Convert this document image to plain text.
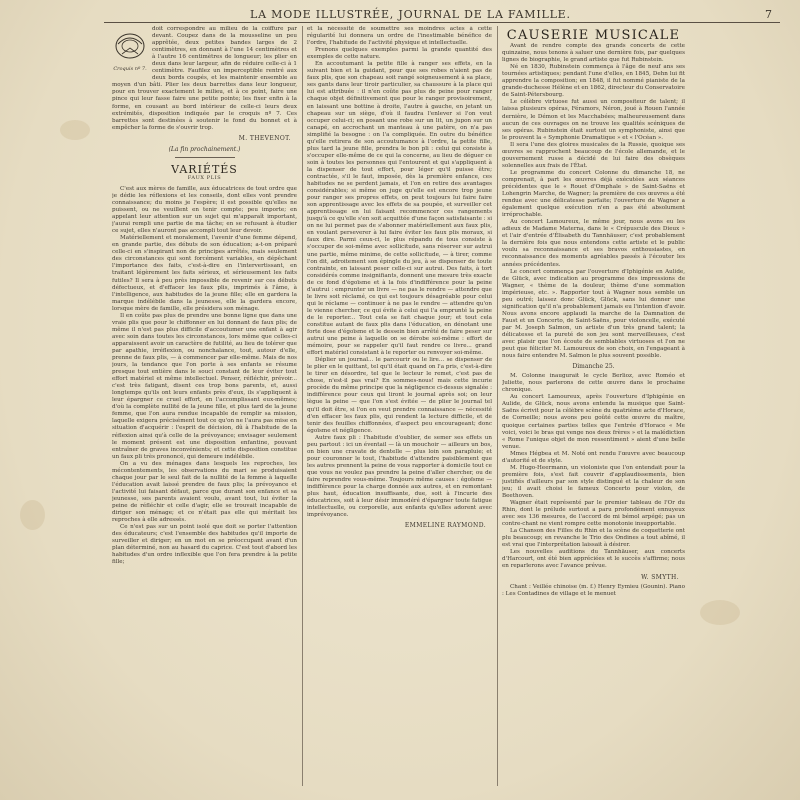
LA MODE ILLUSTRÉE, JOURNAL DE LA FAMILLE.	7
Croquis nº 7.

doit correspondre au milieu de la coiffure par devant. Coupez dans de la mousseline un peu apprêtée, deux petites bandes larges de 2 centimètres, en donnant à l'une 14 centimètres et à l'autre 16 centimètres de longueur; les plier en deux dans leur largeur, afin de réduire celle-ci à 1 centimètre. Faufilez un imperceptible rentré aux deux bords coupés, et les maintenir ensemble au moyen d'un bâti. Plier les deux barrettes dans leur longueur, pour en trouver exactement le milieu, et à ce point, faire une pince qui leur fasse faire une petite pointe; les fixer enfin à la forme, en cousant au bord intérieur de celle-ci leurs deux extrémités, disposition indiquée par le croquis nº 7. Ces barrettes sont destinées à soutenir le fond du bonnet et à empêcher la forme de s'ouvrir trop.

M. THEVENOT.
(La fin prochainement.)
VARIÉTÉS
FAUX PLIS

C'est aux mères de famille, aux éducatrices de tout ordre que je dédie les réflexions et les conseils, dont elles vont prendre connaissance; du moins je l'espère; il est possible qu'elles ne puissent, ou ne veuillent en tenir compte; peu importe; en appelant leur attention sur un sujet qui m'apparaît important, j'aurai rempli une partie de ma tâche; en se refusant à étudier ce sujet, elles n'auront pas accompli tout leur devoir.

Matériellement et moralement, l'avenir d'une femme dépend, en grande partie, des débuts de son éducation; a-t-on préparé celle-ci en s'inspirant non de principes arrêtés, mais seulement des circonstances qui sont forcément variables, en dépêchant l'importance des faits, c'est-à-dire en l'intervertissant, en traitant légèrement les faits sérieux, et sérieusement les faits futiles? Il sera à peu près impossible de revenir sur ces débuts défectueux, et d'effacer les faux plis, imprimés à l'âme, à l'intelligence, aux habitudes de la jeune fille; elle en gardera la marque indélébile dans la jeunesse, elle la gardera encore, lorsque mère de famille, elle présidera son ménage.

Il en coûte pas plus de prendre une bonne ligne que dans une vraie plis que pour le chiffonner en lui donnant de faux plis; de même il n'est pas plus difficile d'accoutumer une enfant à agir avec soin dans toutes les circonstances, lors même que celles-ci apparaissent avoir un caractère de futilité, au lieu de tolérer que par apathie, irréflexion, ou nonchalance, tout, autour d'elle, prenne de faux plis, — à commencer par elle-même. Mais de nos jours, la tendance que l'on porte à ses enfants se résume presque tout entière dans le souci constant de leur éviter tout effort matériel et même intellectuel. Penser, réfléchir, prévoir... c'est très fatigant, disent ces trop bons parents, et, aussi longtemps qu'ils ont leurs enfants près d'eux, ils s'appliquent à leur épargner ce cruel effort, en l'accomplissant eux-mêmes; d'où la complète nullité de la jeune fille, et plus tard de la jeune femme, que l'on aura rendue incapable de remplir sa mission, laquelle exigera précisément tout ce qu'on ne l'aura pas mise en situation d'acquérir : l'esprit de décision, dû à l'habitude de la réflexion ainsi qu'à celle de la prévoyance; envisager seulement le moment présent est une disposition enfantine, pouvant entraîner de graves inconvénients; et cette disposition constitue un faux pli très prononcé, qui demeure indélébile.

On a vu des ménages dans lesquels les reproches, les mécontentements, les observations du mari se produisaient chaque jour par le seul fait de la nullité de la femme à laquelle l'éducation avait laissé prendre de faux plis; la prévoyance et l'activité lui faisant défaut, parce que durant son enfance et sa jeunesse, ses parents avaient voulu, avant tout, lui éviter la peine de réfléchir et celle d'agir, elle se trouvait incapable de diriger son ménage; et ce n'était pas elle qui méritait les reproches à elle adressés.

Ce n'est pas sur un point isolé que doit se porter l'attention des éducateurs; c'est l'ensemble des habitudes qu'il importe de surveiller et diriger; en un mot en se préoccupant avant d'un plan déterminé, non au hasard du caprice. C'est tout d'abord les habitudes d'un ordre inflexible que l'on fera prendre à la petite fille;

et la nécessité de soumettre ses moindres actes à cette régularité lui donnera un ordre de l'inestimable bénéfice de l'ordre, l'habitude de l'activité physique et intellectuelle.

Prenons quelques exemples parmi la grande quantité des exemples de cette nature.

En accoutumant la petite fille à ranger ses effets, en la suivant bien et la guidant, pour que ses robes n'aient pas de faux plis, que son chapeau soit rangé soigneusement à sa place, ses gants dans leur tiroir particulier, sa chaussure à la place qui lui est attribuée : il n'en coûte pas plus de peine pour ranger chaque objet définitivement que pour le ranger provisoirement, en laissant une bottine à droite, l'autre à gauche, en jetant un chapeau sur un siège, d'où il faudra l'enlever si l'on veut occuper celui-ci; en posant une robe sur un lit, un jupon sur un canapé, en accrochant un manteau à une patère, on n'a pas simplifié la besogne : on l'a compliquée. En outre du bénéfice qu'elle retirera de son accoutumance à l'ordre, la petite fille, plus tard la jeune fille, prendra le bon pli : celui qui consiste à s'occuper elle-même de ce qui la concerne, au lieu de déguer ce soin à toutes les personnes qui l'entourent et qui s'appliquent à la dispenser de tout effort, pour léger qu'il puisse être; contractée, s'il le faut, imposée, dès la première enfance, ces habitudes ne se perdent jamais, et l'on en retire des avantages considérables; si même on juge qu'elle est encore trop jeune pour ranger ses propres effets, on peut toujours lui faire faire son apprentissage avec les effets de sa poupée, et surveiller cet apprentissage en lui faisant recommencer ces rangements jusqu'à ce qu'elle s'en soit acquittée d'une façon satisfaisante : si on ne lui permet pas de s'abonner matériellement aux faux plis, en voulant perseverer à lui faire éviter les faux plis moraux, si faux dire. Parmi ceux-ci, le plus répandu de tous consiste à s'occuper de soi-même avec sollicitude, sans réserver sur autrui une partie, même minime, de cette sollicitude, — à tirer, comme l'on dit, adroitement son épingle du jeu, à se dispenser de toute contrainte, en laissant peser celle-ci sur autrui. Des faits, à tort considérés comme insignifiants, donnent une mesure très exacte de ce fond d'égoïsme et à la fois d'indifférence pour la peine d'autrui : emprunter un livre — ne pas le rendre — attendre que le livre soit réclamé, ce qui est toujours désagréable pour celui qui le réclame — continuer à ne pas le rendre — attendre qu'on le vienne chercher, ce qui évite à celui qui l'a emprunté la peine de le reporter... Tout cela se fait chaque jour; et tout cela constitue autant de faux plis dans l'éducation, en dénotant une forte dose d'égoïsme et le dessein bien arrêté de faire peser sur autrui une peine à laquelle on se dérobe soi-même : effort de mémoire, pour se rappeler qu'il faut rendre ce livre... grand effort matériel consistant à le reporter ou renvoyer soi-même.

Déplier un journal... le parcourir ou le lire... se dispenser de le plier en le quittant, tel qu'il était quand on l'a pris, c'est-à-dire le tirer en désordre, tel que le lecteur le remet, c'est pas de chose, n'est-il pas vrai? En sommes-nous! mais cette incurie procède du même principe que la négligence ci-dessus signalée : indifférence pour ceux qui liront le journal après soi; on leur lègue la peine — que l'on s'est évitée — de plier le journal tel qu'il doit être, si l'on en veut prendre connaissance — nécessité d'en effacer les faux plis, qui rendent la lecture difficile, et de tenir des feuilles chiffonnées, d'aspect peu encourageant; donc égoïsme et négligence.

Autre faux pli : l'habitude d'oublier, de semer ses effets un peu partout : ici un éventail — là un mouchoir — ailleurs un bos, on bien une cravate de dentelle — plus loin son parapluie; et pour couronner le tout, l'habitude d'attendre paisiblement que les autres prennent la peine de vous rapporter à domicile tout ce que vous ne voulez pas prendre la peine d'aller chercher, ou de faire reprendre vous-même. Toujours même causes : égoïsme — indifférence pour la charge donnée aux autres, et en remontant plus haut, éducation insuffisante, due, soit à l'incurie des éducatrices, soit à leur désir immodéré d'épargner toute fatigue intellectuelle, ou corporelle, aux enfants qu'elles adorent avec imprévoyance.

EMMELINE RAYMOND.
CAUSERIE MUSICALE

Avant de rendre compte des grands concerts de cette quinzaine, nous tenons à saluer une dernière fois, par quelques lignes de biographie, le grand artiste que fut Rubinstein.

Né en 1830, Rubinstein commença à l'âge de neuf ans ses tournées artistiques; pendant l'une d'elles, en 1845, Dehn lui fit apprendre la composition; en 1848, il fut nommé pianiste de la grande-duchesse Hélène et en 1862, directeur du Conservatoire de Saint-Pétersbourg.

Le célèbre virtuose fut aussi un compositeur de talent; il laissa plusieurs opéras, Féramors, Néron, joué à Rouen l'année dernière, le Démon et les Macchabées; malheureusement dans aucun de ces ouvrages on ne trouve les qualités scéniques de ses opéras. Rubinstein était surtout un symphoniste, ainsi que le prouvent la « Symphonie Dramatique » et « l'Océan ».

Il sera l'une des gloires musicales de la Russie, quoique ses œuvres se rapprochent beaucoup de l'école allemande, et le gouvernement russe a décidé de lui faire des obsèques solennelles aux frais de l'État.

Le programme du concert Colonne du dimanche 18, ne comprenait, à part les œuvres déjà exécutées aux séances précédentes que le « Rouet d'Omphale » de Saint-Saëns et Lohengrin Marche, de Wagner; la première de ces œuvres a été rendue avec une délicatesse parfaite; l'ouverture de Wagner a également quelque exécution n'en a pas été absolument irréprochable.

Au concert Lamoureux, le même jour, nous avons eu les adieux de Madame Materna, dans le « Crépuscule des Dieux » et l'air d'entrée d'Élisabeth du Tannhäuser; c'est probablement la dernière fois que nous entendons cette artiste et le public voulu sa reconnaissance et ses bravos enthousiastes, en reconnaissance des moments agréables passés à l'écouter les années précédentes.

Le concert commença par l'ouverture d'Iphigénie en Aulide, de Glück, avec indication au programme des impressions de Wagner, « thème de la douleur, thème d'une sommation impérieuse, etc. ». Rapporter tout à Wagner nous semble un peu outré; laissez donc Glück, Glück, sans lui donner une signification qu'il n'a probablement jamais eu l'intention d'avoir. Nous avons encore applaudi la marche de la Damnation de Faust et un Concerto, de Saint-Saëns, pour violoncelle, exécuté par M. Joseph Salmon, un artiste d'un très grand talent; la délicatesse et la pureté de son jeu sont merveilleuses, c'est avec plaisir que l'on écoute de semblables virtuoses et l'on ne peut que féliciter M. Lamoureux de son choix, en l'engageant à nous faire entendre M. Salmon le plus souvent possible.

Dimanche 25.

M. Colonne inaugurait le cycle Berlioz, avec Roméo et Juliette, nous parlerons de cette œuvre dans le prochaine chronique.

Au concert Lamoureux, après l'ouverture d'Iphigénie en Aulide, de Glück, nous avons entendu la musique que Saint-Saëns écrivit pour la célèbre scène du quatrième acte d'Horace, de Corneille; nous avons peu goûté cette œuvre du maître, quoique certaines parties telles que l'entrée d'Horace « Me voici, voici le bras qui venge nos deux frères » et la malédiction « Rome l'unique objet de mon ressentiment » aient d'une belle venue.

Mmes Hégbea et M. Noté ont rendu l'œuvre avec beaucoup d'autorité et de style.

M. Hugo-Heermann, un violoniste que l'on entendait pour la première fois, s'est fait couvrir d'applaudissements, bien justifiés d'ailleurs par son style distingué et la chaleur de son jeu; il avait choisi le fameux Concerto pour violon, de Beethoven.

Wagner était représenté par le premier tableau de l'Or du Rhin, dont le prélude surtout a paru profondément ennuyeux avec ses 136 mesures, de l'accord de mi bémol arpégé; pas un contre-chant ne vient rompre cette monotonie insupportable.

La Chanson des Filles du Rhin et la scène de coquetterie ont plu beaucoup; en revanche le Trio des Ondines a tout abîmé, il est vrai que l'interprétation laissait à désirer.

Les nouvelles auditions du Tannhäuser, aux concerts d'Harcourt, ont été bien appréciées et le succès s'affirme; nous en reparlerons avec l'avance prévue.

W. SMYTH.

Chant : Veillée chinoise (m. f.) Henry Eymieu (Gounin). Piano : Les Contadines de village et le menuet
